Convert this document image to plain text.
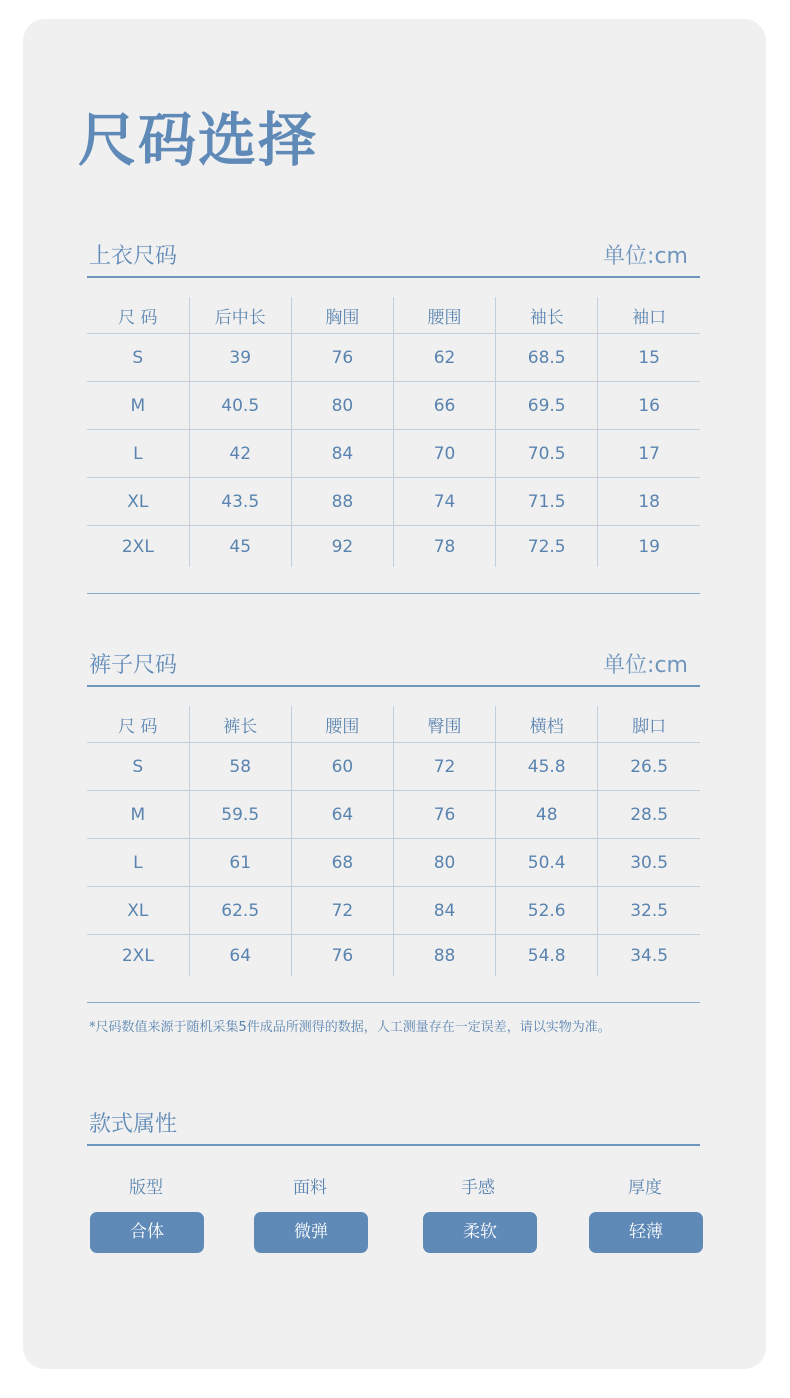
尺码选择
上衣尺码	单位:cm
尺 码	后中长	胸围	腰围	袖长	袖口
S	39	76	62	68.5	15
M	40.5	80	66	69.5	16
L	42	84	70	70.5	17
XL	43.5	88	74	71.5	18
2XL	45	92	78	72.5	19
裤子尺码	单位:cm
尺 码	裤长	腰围	臀围	横档	脚口
S	58	60	72	45.8	26.5
M	59.5	64	76	48	28.5
L	61	68	80	50.4	30.5
XL	62.5	72	84	52.6	32.5
2XL	64	76	88	54.8	34.5
*尺码数值来源于随机采集5件成品所测得的数据，人工测量存在一定误差，请以实物为准。
款式属性
版型	面料	手感	厚度
合体	微弹	柔软	轻薄
